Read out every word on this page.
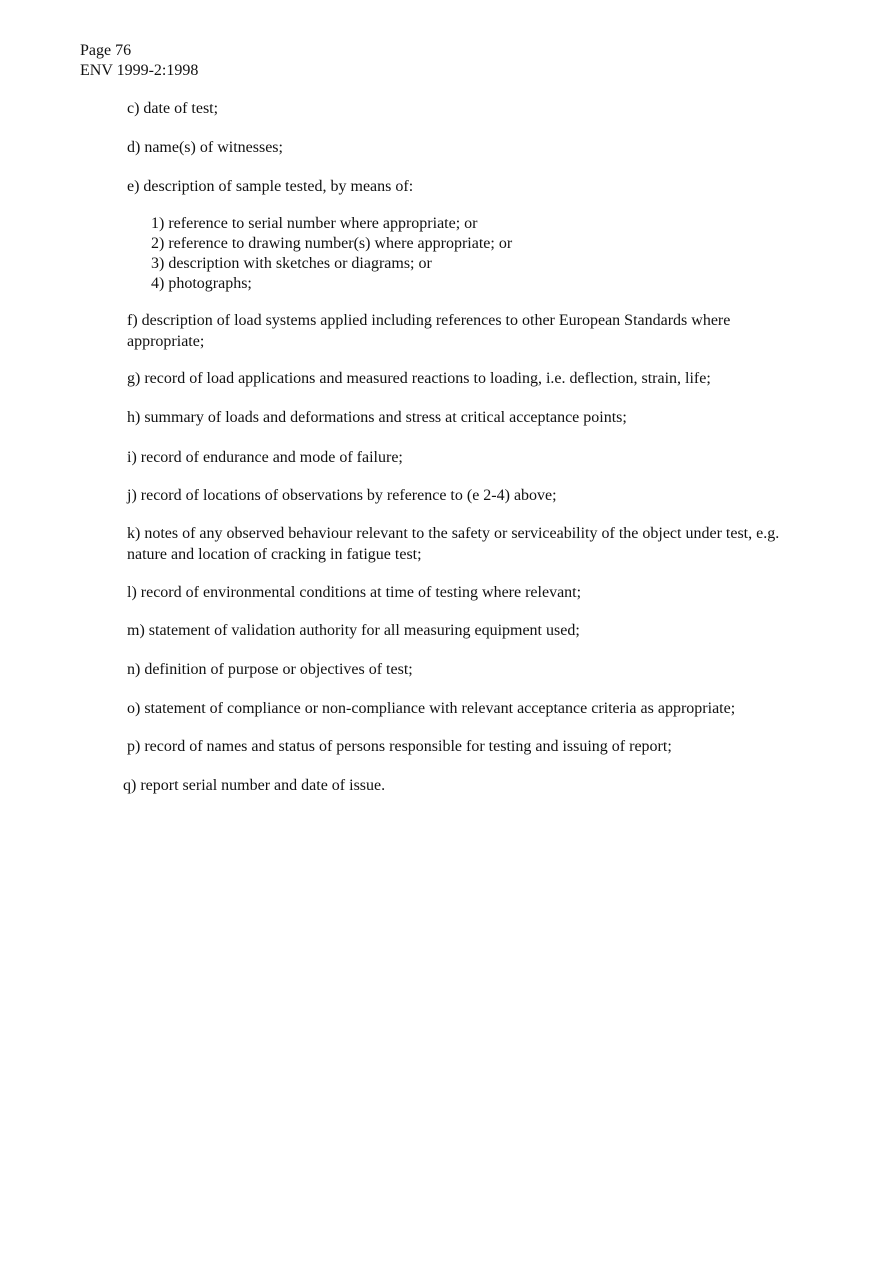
Page 76
ENV 1999-2:1998
c) date of test;
d) name(s) of witnesses;
e) description of sample tested, by means of:
1) reference to serial number where appropriate; or
2) reference to drawing number(s) where appropriate; or
3) description with sketches or diagrams; or
4) photographs;
f) description of load systems applied including references to other European Standards where
appropriate;
g) record of load applications and measured reactions to loading, i.e. deflection, strain, life;
h) summary of loads and deformations and stress at critical acceptance points;
i) record of endurance and mode of failure;
j) record of locations of observations by reference to (e 2-4) above;
k) notes of any observed behaviour relevant to the safety or serviceability of the object under test, e.g.
nature and location of cracking in fatigue test;
l) record of environmental conditions at time of testing where relevant;
m) statement of validation authority for all measuring equipment used;
n) definition of purpose or objectives of test;
o) statement of compliance or non-compliance with relevant acceptance criteria as appropriate;
p) record of names and status of persons responsible for testing and issuing of report;
q) report serial number and date of issue.
